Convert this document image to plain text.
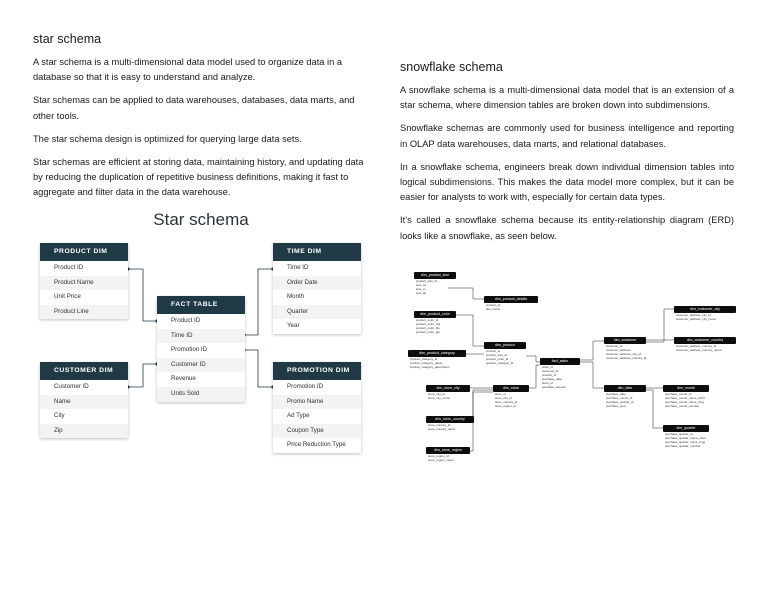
star schema

A star schema is a multi-dimensional data model used to organize data in a database so that it is easy to understand and analyze.

Star schemas can be applied to data warehouses, databases, data marts, and other tools.

The star schema design is optimized for querying large data sets.

Star schemas are efficient at storing data, maintaining history, and updating data by reducing the duplication of repetitive business definitions, making it fast to aggregate and filter data in the data warehouse.

Star schema
PRODUCT DIM
Product ID
Product Name
Unit Price
Product Line
TIME DIM
Time ID
Order Date
Month
Quarter
Year
FACT TABLE
Product ID
Time ID
Promotion ID
Customer ID
Revenue
Units Sold
CUSTOMER DIM
Customer ID
Name
City
Zip
PROMOTION DIM
Promotion ID
Promo Name
Ad Type
Coupon Type
Price Reduction Type
snowflake schema

A snowflake schema is a multi-dimensional data model that is an extension of a star schema, where dimension tables are broken down into subdimensions.

Snowflake schemas are commonly used for business intelligence and reporting in OLAP data warehouses, data marts, and relational databases.

In a snowflake schema, engineers break down individual dimension tables into logical subdimensions. This makes the data model more complex, but it can be easier for analysts to work with, especially for certain data types.

It’s called a snowflake schema because its entity-relationship diagram (ERD) looks like a snowflake, as seen below.

dim_product_size
product_size_id
size_xs
size_m
size_lar
dim_product_details
product_id
dim_name
dim_product_color
product_color_id
product_color_red
product_color_blu
product_color_grn
dim_product_category
product_category_id
product_category_name
product_category_description
dim_product
product_id
product_size_id
product_color_id
product_category_id
dim_store_city
store_city_id
store_city_name
dim_store
store_id
store_city_id
store_country_id
store_region_id
dim_store_country
store_country_id
store_country_name
dim_store_region
store_region_id
store_region_name
fact_sales
order_id
customer_id
product_id
purchase_date
store_id
purchase_amount
dim_customer
customer_id
customer_address
customer_address_city_id
customer_address_country_id
dim_customer_city
customer_address_city_id
customer_address_city_name
dim_customer_country
customer_address_country_id
customer_address_country_name
dim_date
purchase_date
purchase_month_id
purchase_quarter_id
purchase_year
dim_month
purchase_month_id
purchase_month_name_short
purchase_month_name_long
purchase_month_number
dim_quarter
purchase_quarter_id
purchase_quarter_name_short
purchase_quarter_name_long
purchase_quarter_number
